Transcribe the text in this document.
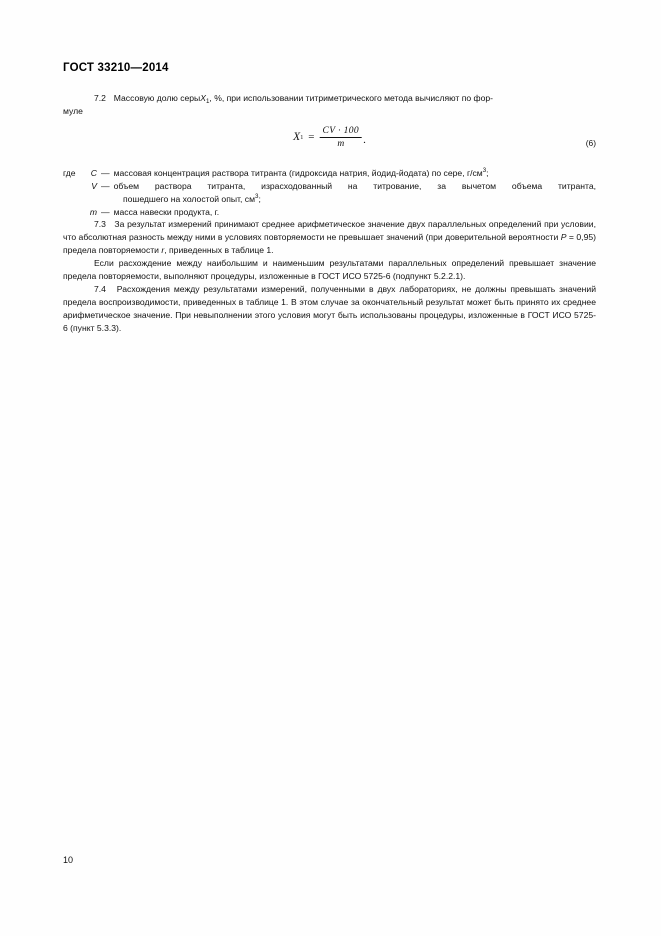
ГОСТ 33210—2014
7.2 Массовую долю серыX$_1$, %, при использовании титриметрического метода вычисляют по фор-
муле
X $1 = \frac{CV \cdot 100}{m}$ .	(6)
где	C — массовая концентрация раствора титранта (гидроксида натрия, йодид-йодата) по сере, $г/см^3$;
V — объем раствора титранта, израсходованный на титрование, за вычетом объема титранта,
пошедшего на холостой опыт, $см^3$;
m — масса навески продукта, г.
7.3 За результат измерений принимают среднее арифметическое значение двух параллельных определений при условии, что абсолютная разность между ними в условиях повторяемости не превышает значений (при доверительной вероятности P = 0,95) предела повторяемости r, приведенных в таблице 1.
Если расхождение между наибольшим и наименьшим результатами параллельных определений превышает значение предела повторяемости, выполняют процедуры, изложенные в ГОСТ ИСО 5725-6 (подпункт 5.2.2.1).
7.4 Расхождения между результатами измерений, полученными в двух лабораториях, не должны превышать значений предела воспроизводимости, приведенных в таблице 1. В этом случае за окончательный результат может быть принято их среднее арифметическое значение. При невыполнении этого условия могут быть использованы процедуры, изложенные в ГОСТ ИСО 5725-6 (пункт 5.3.3).
10
